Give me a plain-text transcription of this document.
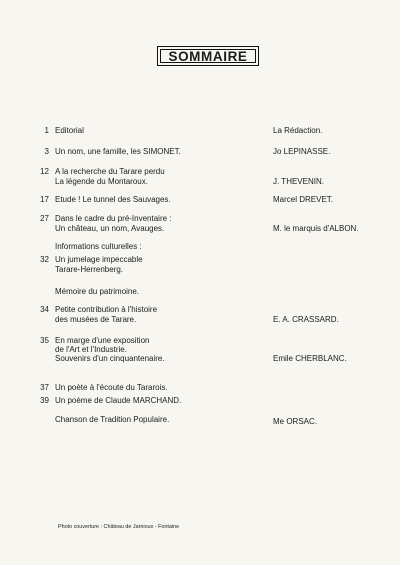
SOMMAIRE
1 Editorial	La Rédaction.
3 Un nom, une famille, les SIMONET.	Jo LEPINASSE.
12 A la recherche du Tarare perdu
La légende du Montaroux.	J. THEVENIN.
17 Etude ! Le tunnel des Sauvages.	Marcel DREVET.
27 Dans le cadre du pré-Inventaire :
Un château, un nom, Avauges.	M. le marquis d'ALBON.
Informations culturelles :
32 Un jumelage impeccable
Tarare-Herrenberg.
Mémoire du patrimoine.
34 Petite contribution à l'histoire
des musées de Tarare.	E. A. CRASSARD.
35 En marge d'une exposition
de l'Art et l'Industrie.
Souvenirs d'un cinquantenaire.	Emile CHERBLANC.
37 Un poète à l'écoute du Tararois.
39 Un poème de Claude MARCHAND.
Chanson de Tradition Populaire.	Me ORSAC.
Photo couverture : Château de Jarnioux - Fontaine
